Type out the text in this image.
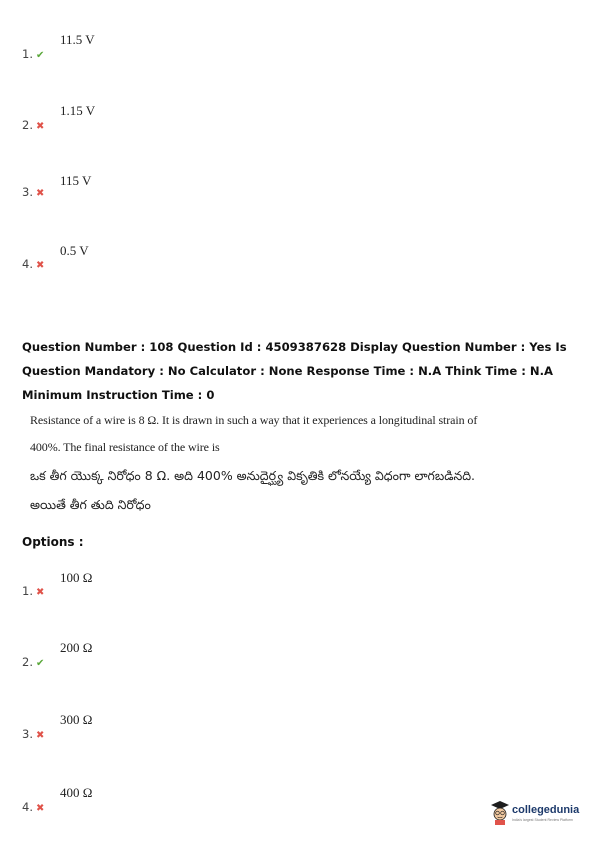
1. ✔
11.5 V
2. ✖
1.15 V
3. ✖
115 V
4. ✖
0.5 V
Question Number : 108 Question Id : 4509387628 Display Question Number : Yes Is Question Mandatory : No Calculator : None Response Time : N.A Think Time : N.A Minimum Instruction Time : 0
Resistance of a wire is 8 Ω. It is drawn in such a way that it experiences a longitudinal strain of
400%. The final resistance of the wire is
ఒక తీగ యొక్క నిరోధం 8 Ω. అది 400% అనుదైర్ఘ్య వికృతికి లోనయ్యే విధంగా లాగబడినది.
అయితే తీగ తుది నిరోధం
Options :
1. ✖
100 Ω
2. ✔
200 Ω
3. ✖
300 Ω
4. ✖
400 Ω
collegedunia
India's largest Student Review Platform
